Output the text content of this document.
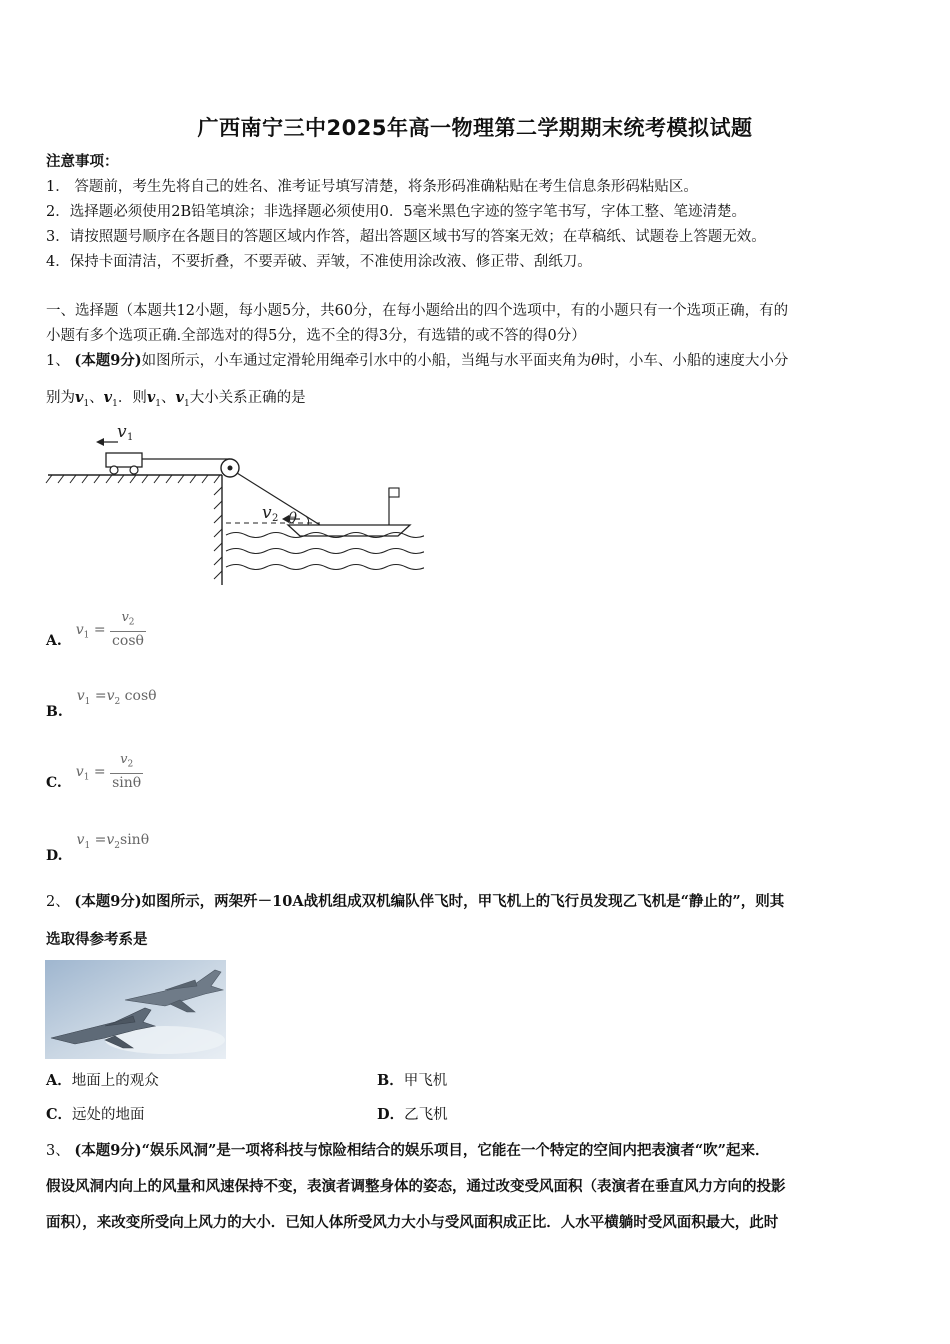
广西南宁三中2025年高一物理第二学期期末统考模拟试题
注意事项：
1． 答题前，考生先将自己的姓名、准考证号填写清楚，将条形码准确粘贴在考生信息条形码粘贴区。
2．选择题必须使用2B铅笔填涂；非选择题必须使用0．5毫米黑色字迹的签字笔书写，字体工整、笔迹清楚。
3．请按照题号顺序在各题目的答题区域内作答，超出答题区域书写的答案无效；在草稿纸、试题卷上答题无效。
4．保持卡面清洁，不要折叠，不要弄破、弄皱，不准使用涂改液、修正带、刮纸刀。
一、选择题（本题共12小题，每小题5分，共60分，在每小题给出的四个选项中，有的小题只有一个选项正确，有的
小题有多个选项正确.全部选对的得5分，选不全的得3分，有选错的或不答的得0分）
1、 (本题9分)如图所示，小车通过定滑轮用绳牵引水中的小船，当绳与水平面夹角为θ时，小车、小船的速度大小分
别为$v_1$、$v_1$．则$v_1$、$v_1$大小关系正确的是
v 1
v 2 θ
A.
$v_1 = \frac{v_2}{\cos\theta}$
B.
$v_1 =v_2$ cosθ
C.
$v_1 = \frac{v_2}{\sin\theta}$
D.
$v_1 =v_2\sin\theta$
2、 (本题9分)如图所示，两架歼－10A战机组成双机编队伴飞时，甲飞机上的飞行员发现乙飞机是“静止的”，则其
选取得参考系是
A．地面上的观众	B．甲飞机
C．远处的地面	D．乙飞机
3、 (本题9分)“娱乐风洞”是一项将科技与惊险相结合的娱乐项目，它能在一个特定的空间内把表演者“吹”起来．
假设风洞内向上的风量和风速保持不变，表演者调整身体的姿态，通过改变受风面积（表演者在垂直风力方向的投影
面积），来改变所受向上风力的大小．已知人体所受风力大小与受风面积成正比．人水平横躺时受风面积最大，此时
